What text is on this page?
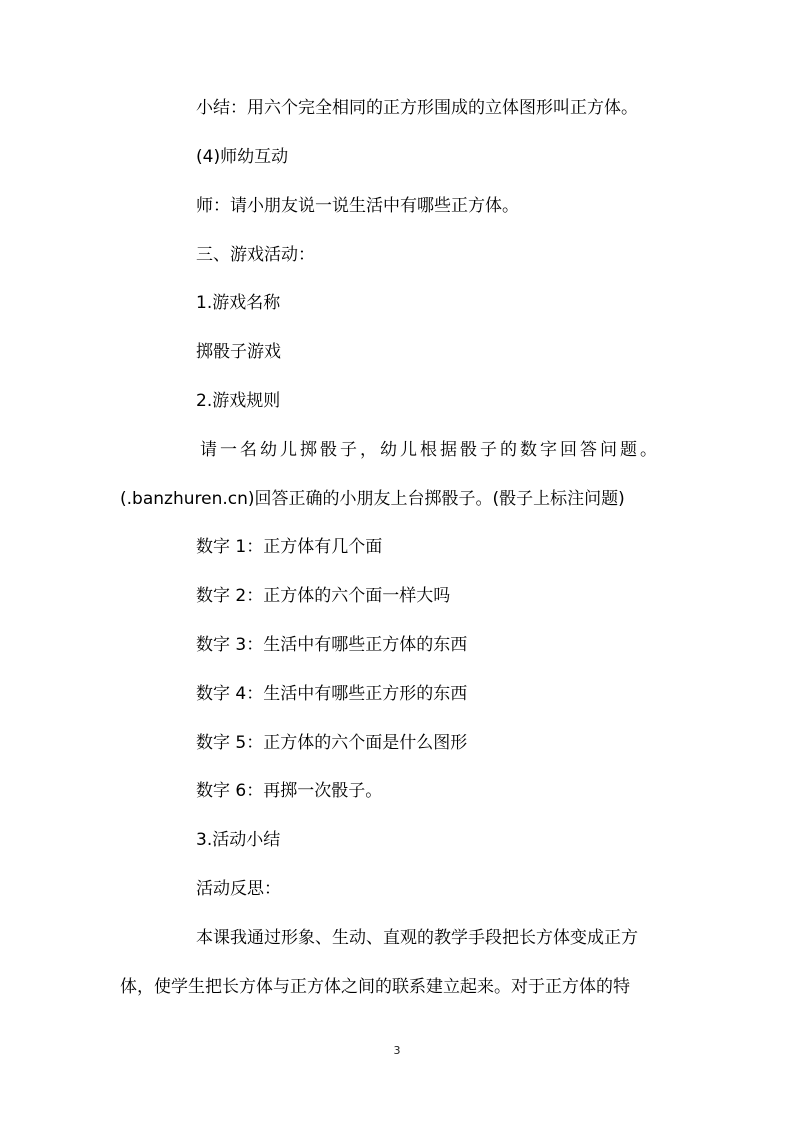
小结：用六个完全相同的正方形围成的立体图形叫正方体。
(4)师幼互动
师：请小朋友说一说生活中有哪些正方体。
三、游戏活动：
1.游戏名称
掷骰子游戏
2.游戏规则
请一名幼儿掷骰子，幼儿根据骰子的数字回答问题。
(.banzhuren.cn)回答正确的小朋友上台掷骰子。(骰子上标注问题)
数字 1：正方体有几个面
数字 2：正方体的六个面一样大吗
数字 3：生活中有哪些正方体的东西
数字 4：生活中有哪些正方形的东西
数字 5：正方体的六个面是什么图形
数字 6：再掷一次骰子。
3.活动小结
活动反思：
本课我通过形象、生动、直观的教学手段把长方体变成正方
体，使学生把长方体与正方体之间的联系建立起来。对于正方体的特
3
